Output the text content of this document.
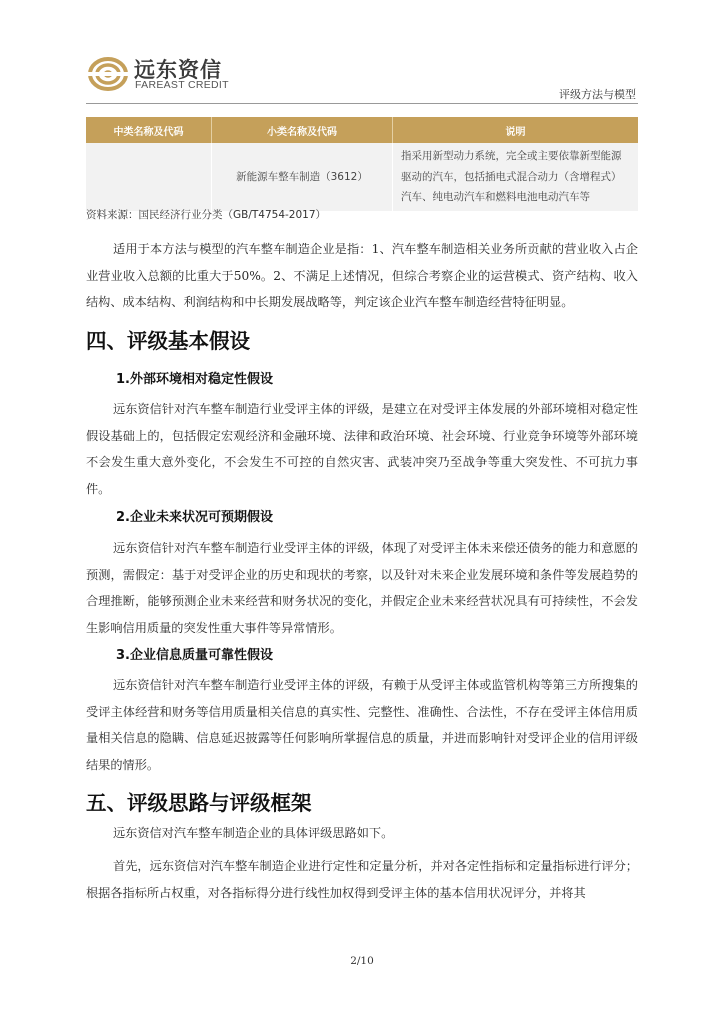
远东资信
FAREAST CREDIT
评级方法与模型
中类名称及代码	小类名称及代码	说明
	新能源车整车制造（3612）	指采用新型动力系统，完全或主要依靠新型能源
驱动的汽车，包括插电式混合动力（含增程式）
汽车、纯电动汽车和燃料电池电动汽车等
资料来源：国民经济行业分类（GB/T4754-2017）

适用于本方法与模型的汽车整车制造企业是指：1、汽车整车制造相关业务所贡献的营业收入占企业营业收入总额的比重大于50%。2、不满足上述情况，但综合考察企业的运营模式、资产结构、收入结构、成本结构、利润结构和中长期发展战略等，判定该企业汽车整车制造经营特征明显。

四、评级基本假设
1.外部环境相对稳定性假设

远东资信针对汽车整车制造行业受评主体的评级，是建立在对受评主体发展的外部环境相对稳定性假设基础上的，包括假定宏观经济和金融环境、法律和政治环境、社会环境、行业竞争环境等外部环境不会发生重大意外变化，不会发生不可控的自然灾害、武装冲突乃至战争等重大突发性、不可抗力事件。

2.企业未来状况可预期假设

远东资信针对汽车整车制造行业受评主体的评级，体现了对受评主体未来偿还债务的能力和意愿的预测，需假定：基于对受评企业的历史和现状的考察，以及针对未来企业发展环境和条件等发展趋势的合理推断，能够预测企业未来经营和财务状况的变化，并假定企业未来经营状况具有可持续性，不会发生影响信用质量的突发性重大事件等异常情形。

3.企业信息质量可靠性假设

远东资信针对汽车整车制造行业受评主体的评级，有赖于从受评主体或监管机构等第三方所搜集的受评主体经营和财务等信用质量相关信息的真实性、完整性、准确性、合法性，不存在受评主体信用质量相关信息的隐瞒、信息延迟披露等任何影响所掌握信息的质量，并进而影响针对受评企业的信用评级结果的情形。

五、评级思路与评级框架

远东资信对汽车整车制造企业的具体评级思路如下。

首先，远东资信对汽车整车制造企业进行定性和定量分析，并对各定性指标和定量指标进行评分；根据各指标所占权重，对各指标得分进行线性加权得到受评主体的基本信用状况评分，并将其

2/10
